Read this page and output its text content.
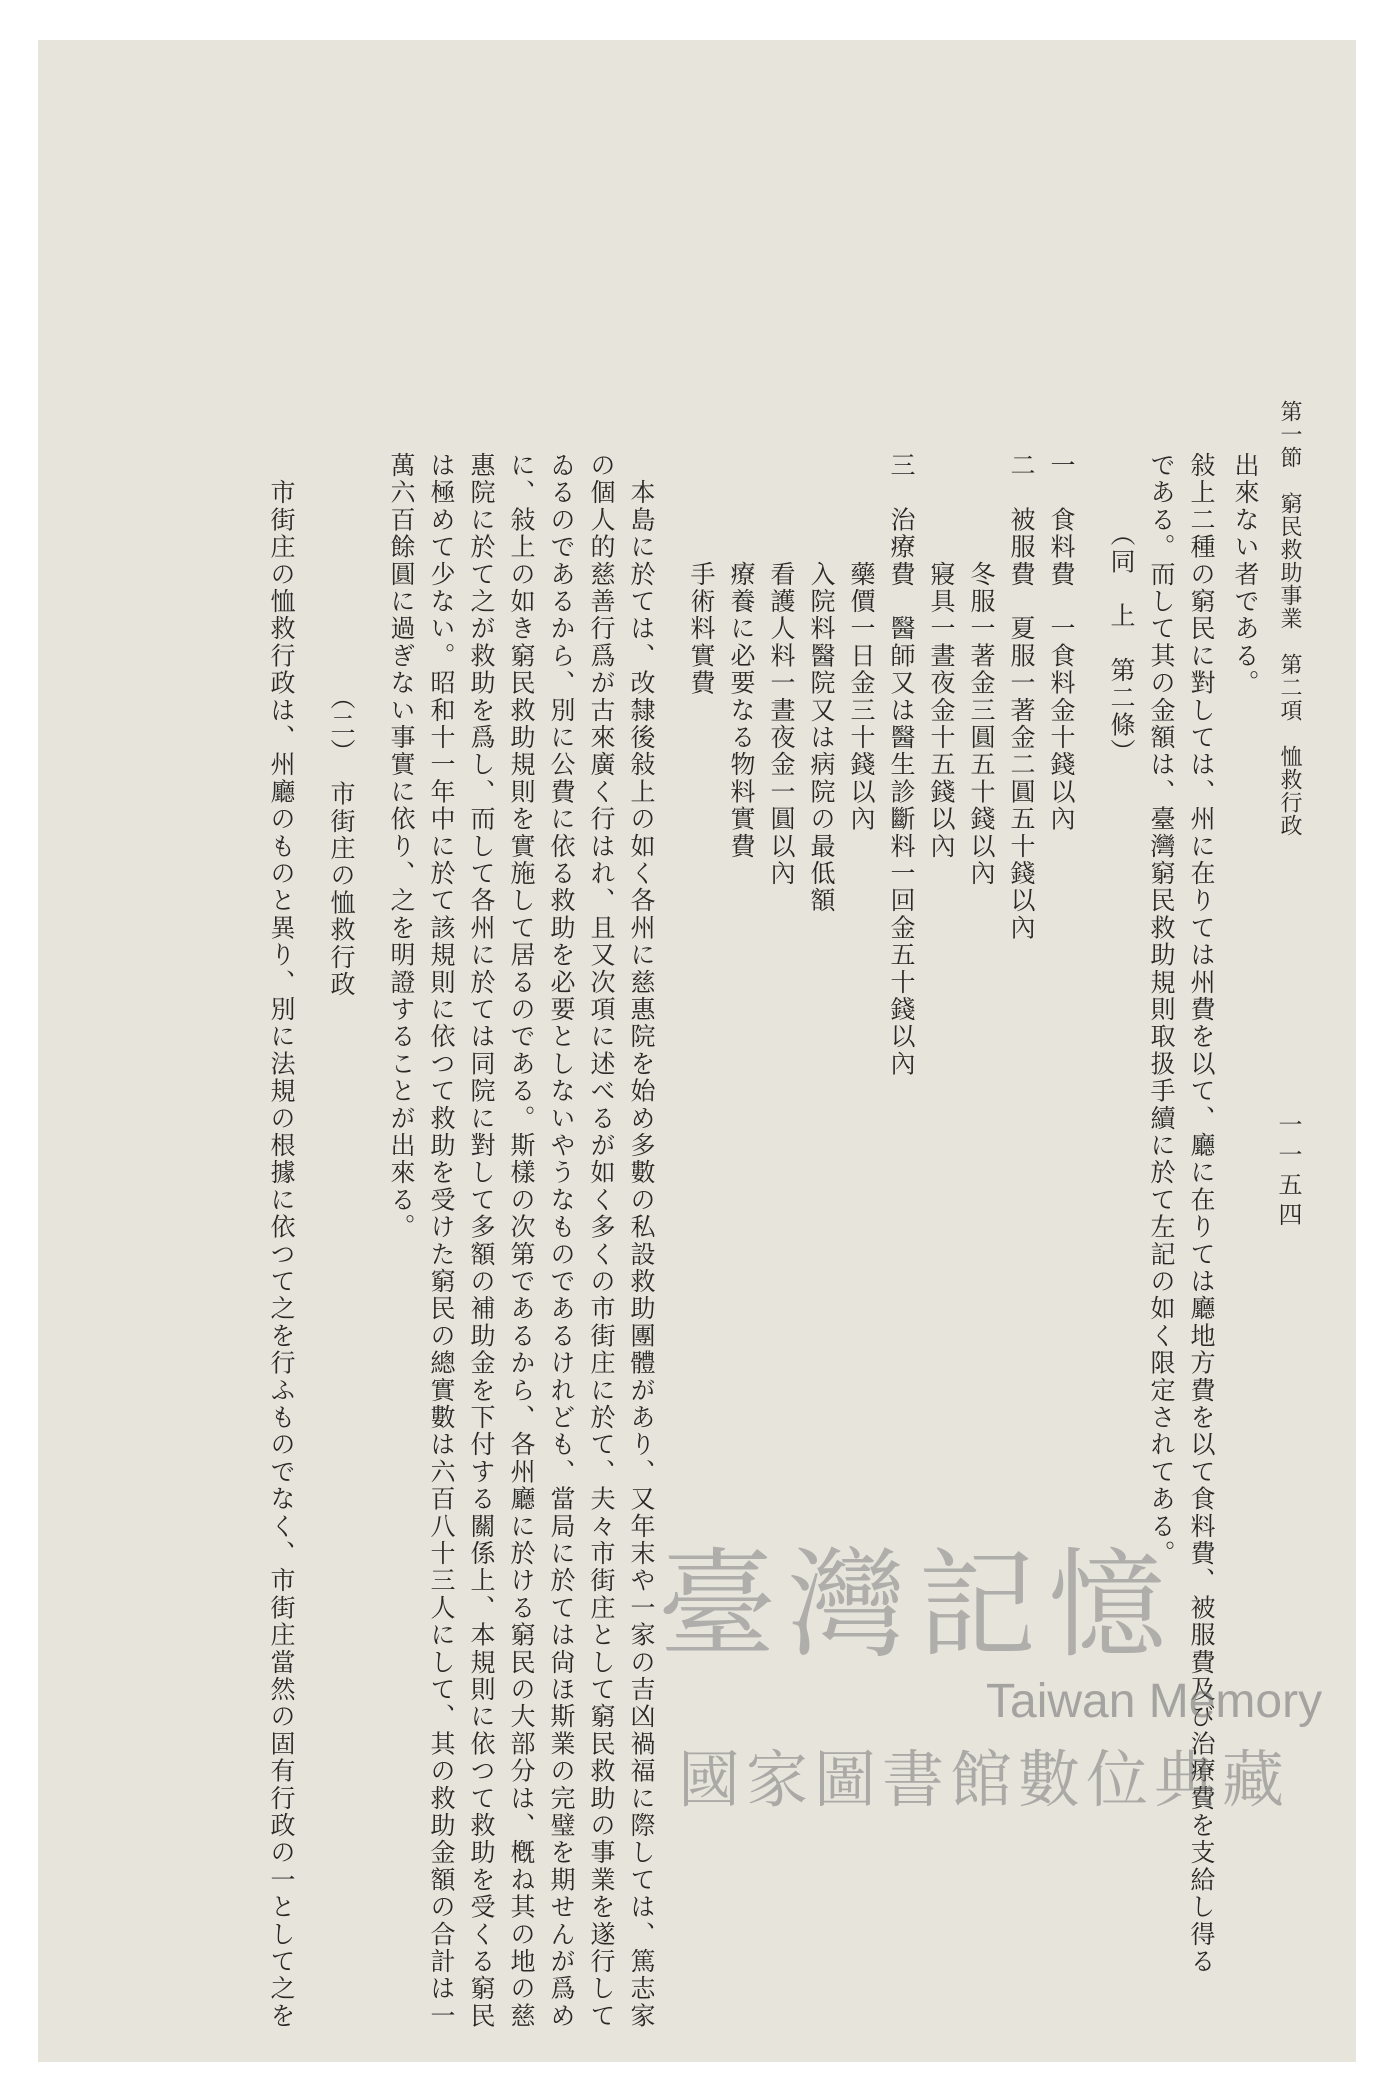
第一節　窮民救助事業　第二項　恤救行政
一一五四
敍上二種の窮民に對しては、州に在りては州費を以て、廳に在りては廳地方費を以て食料費、被服費及び治療費を支給し得る
である。而して其の金額は、臺灣窮民救助規則取扱手續に於て左記の如く限定されてある。
　　　（同　上　第二條）
一　食料費　一食料金十錢以內
二　被服費　夏服一著金二圓五十錢以內
　　　　冬服一著金三圓五十錢以內
　　　　寢具一晝夜金十五錢以內
三　治療費　醫師又は醫生診斷料一回金五十錢以內
　　　　藥價一日金三十錢以內
　　　　入院料醫院又は病院の最低額
　　　　看護人料一晝夜金一圓以內
　　　　療養に必要なる物料實費
　　　　手術料實費
　本島に於ては、改隸後敍上の如く各州に慈惠院を始め多數の私設救助團體があり、又年末や一家の吉凶禍福に際しては、篤志家
の個人的慈善行爲が古來廣く行はれ、且又次項に述べるが如く多くの市街庄に於て、夫々市街庄として窮民救助の事業を遂行して
ゐるのであるから、別に公費に依る救助を必要としないやうなものであるけれども、當局に於ては尙ほ斯業の完璧を期せんが爲め
に、敍上の如き窮民救助規則を實施して居るのである。斯樣の次第であるから、各州廳に於ける窮民の大部分は、槪ね其の地の慈
惠院に於て之が救助を爲し、而して各州に於ては同院に對して多額の補助金を下付する關係上、本規則に依つて救助を受くる窮民
は極めて少ない。昭和十一年中に於て該規則に依つて救助を受けた窮民の總實數は六百八十三人にして、其の救助金額の合計は一
萬六百餘圓に過ぎない事實に依り、之を明證することが出來る。
　　　　　　　　　（二）　市街庄の恤救行政
　市街庄の恤救行政は、州廳のものと異り、別に法規の根據に依つて之を行ふものでなく、市街庄當然の固有行政の一として之を	出來ない者である。
臺灣記憶
Taiwan Memory
國家圖書館數位典藏
